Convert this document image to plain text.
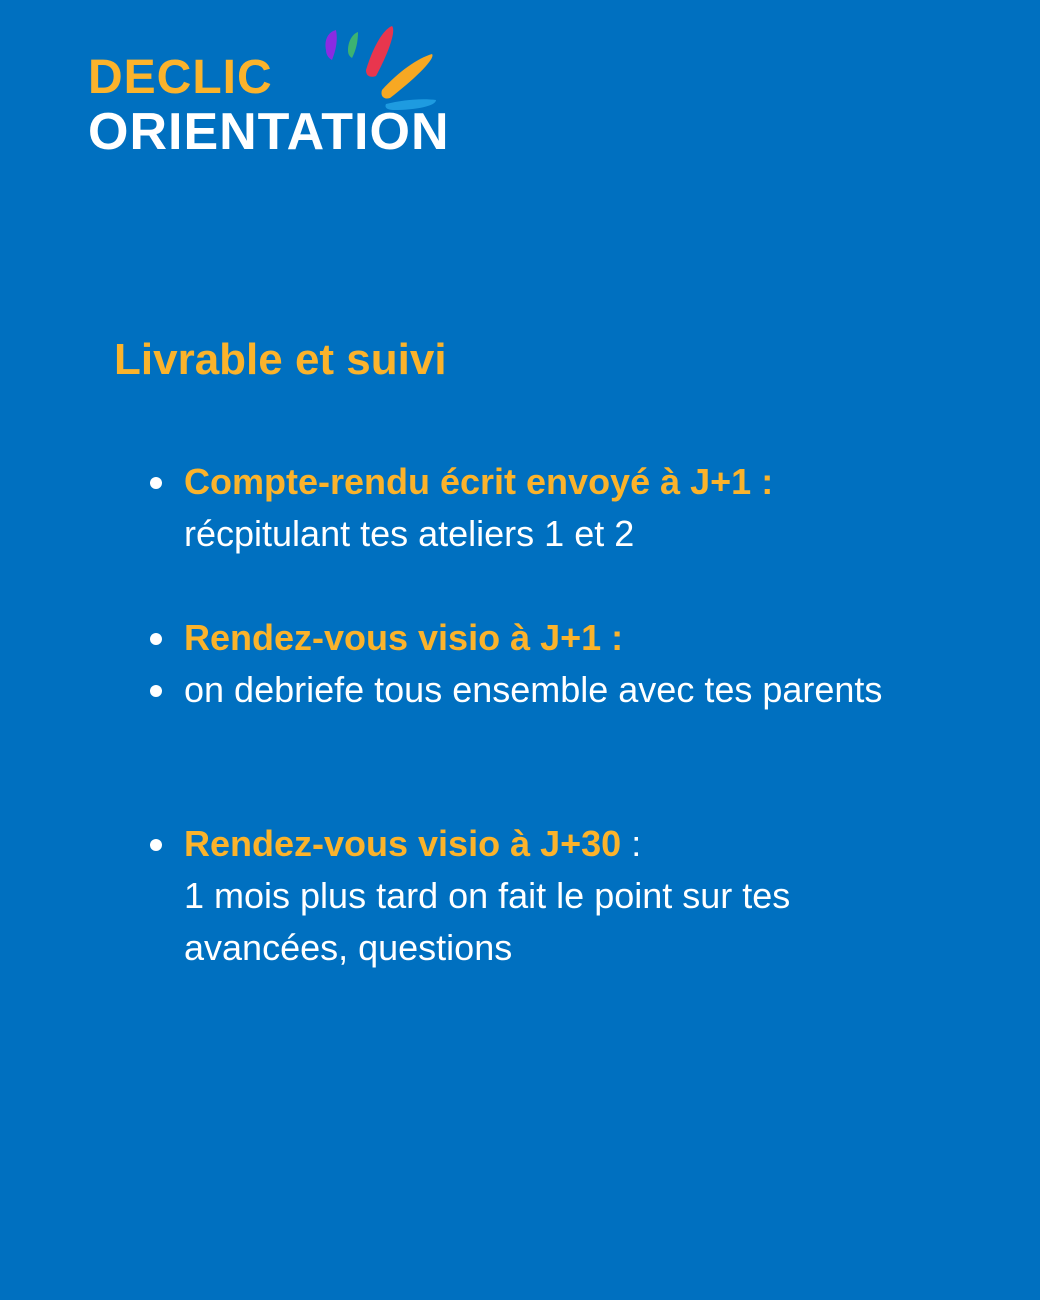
DECLIC
ORIENTATION
Livrable et suivi
Compte-rendu écrit envoyé à J+1 :
récpitulant tes ateliers 1 et 2
Rendez-vous visio à J+1 :
on debriefe tous ensemble avec tes parents
Rendez-vous visio à J+30 :
1 mois plus tard on fait le point sur tes avancées, questions
